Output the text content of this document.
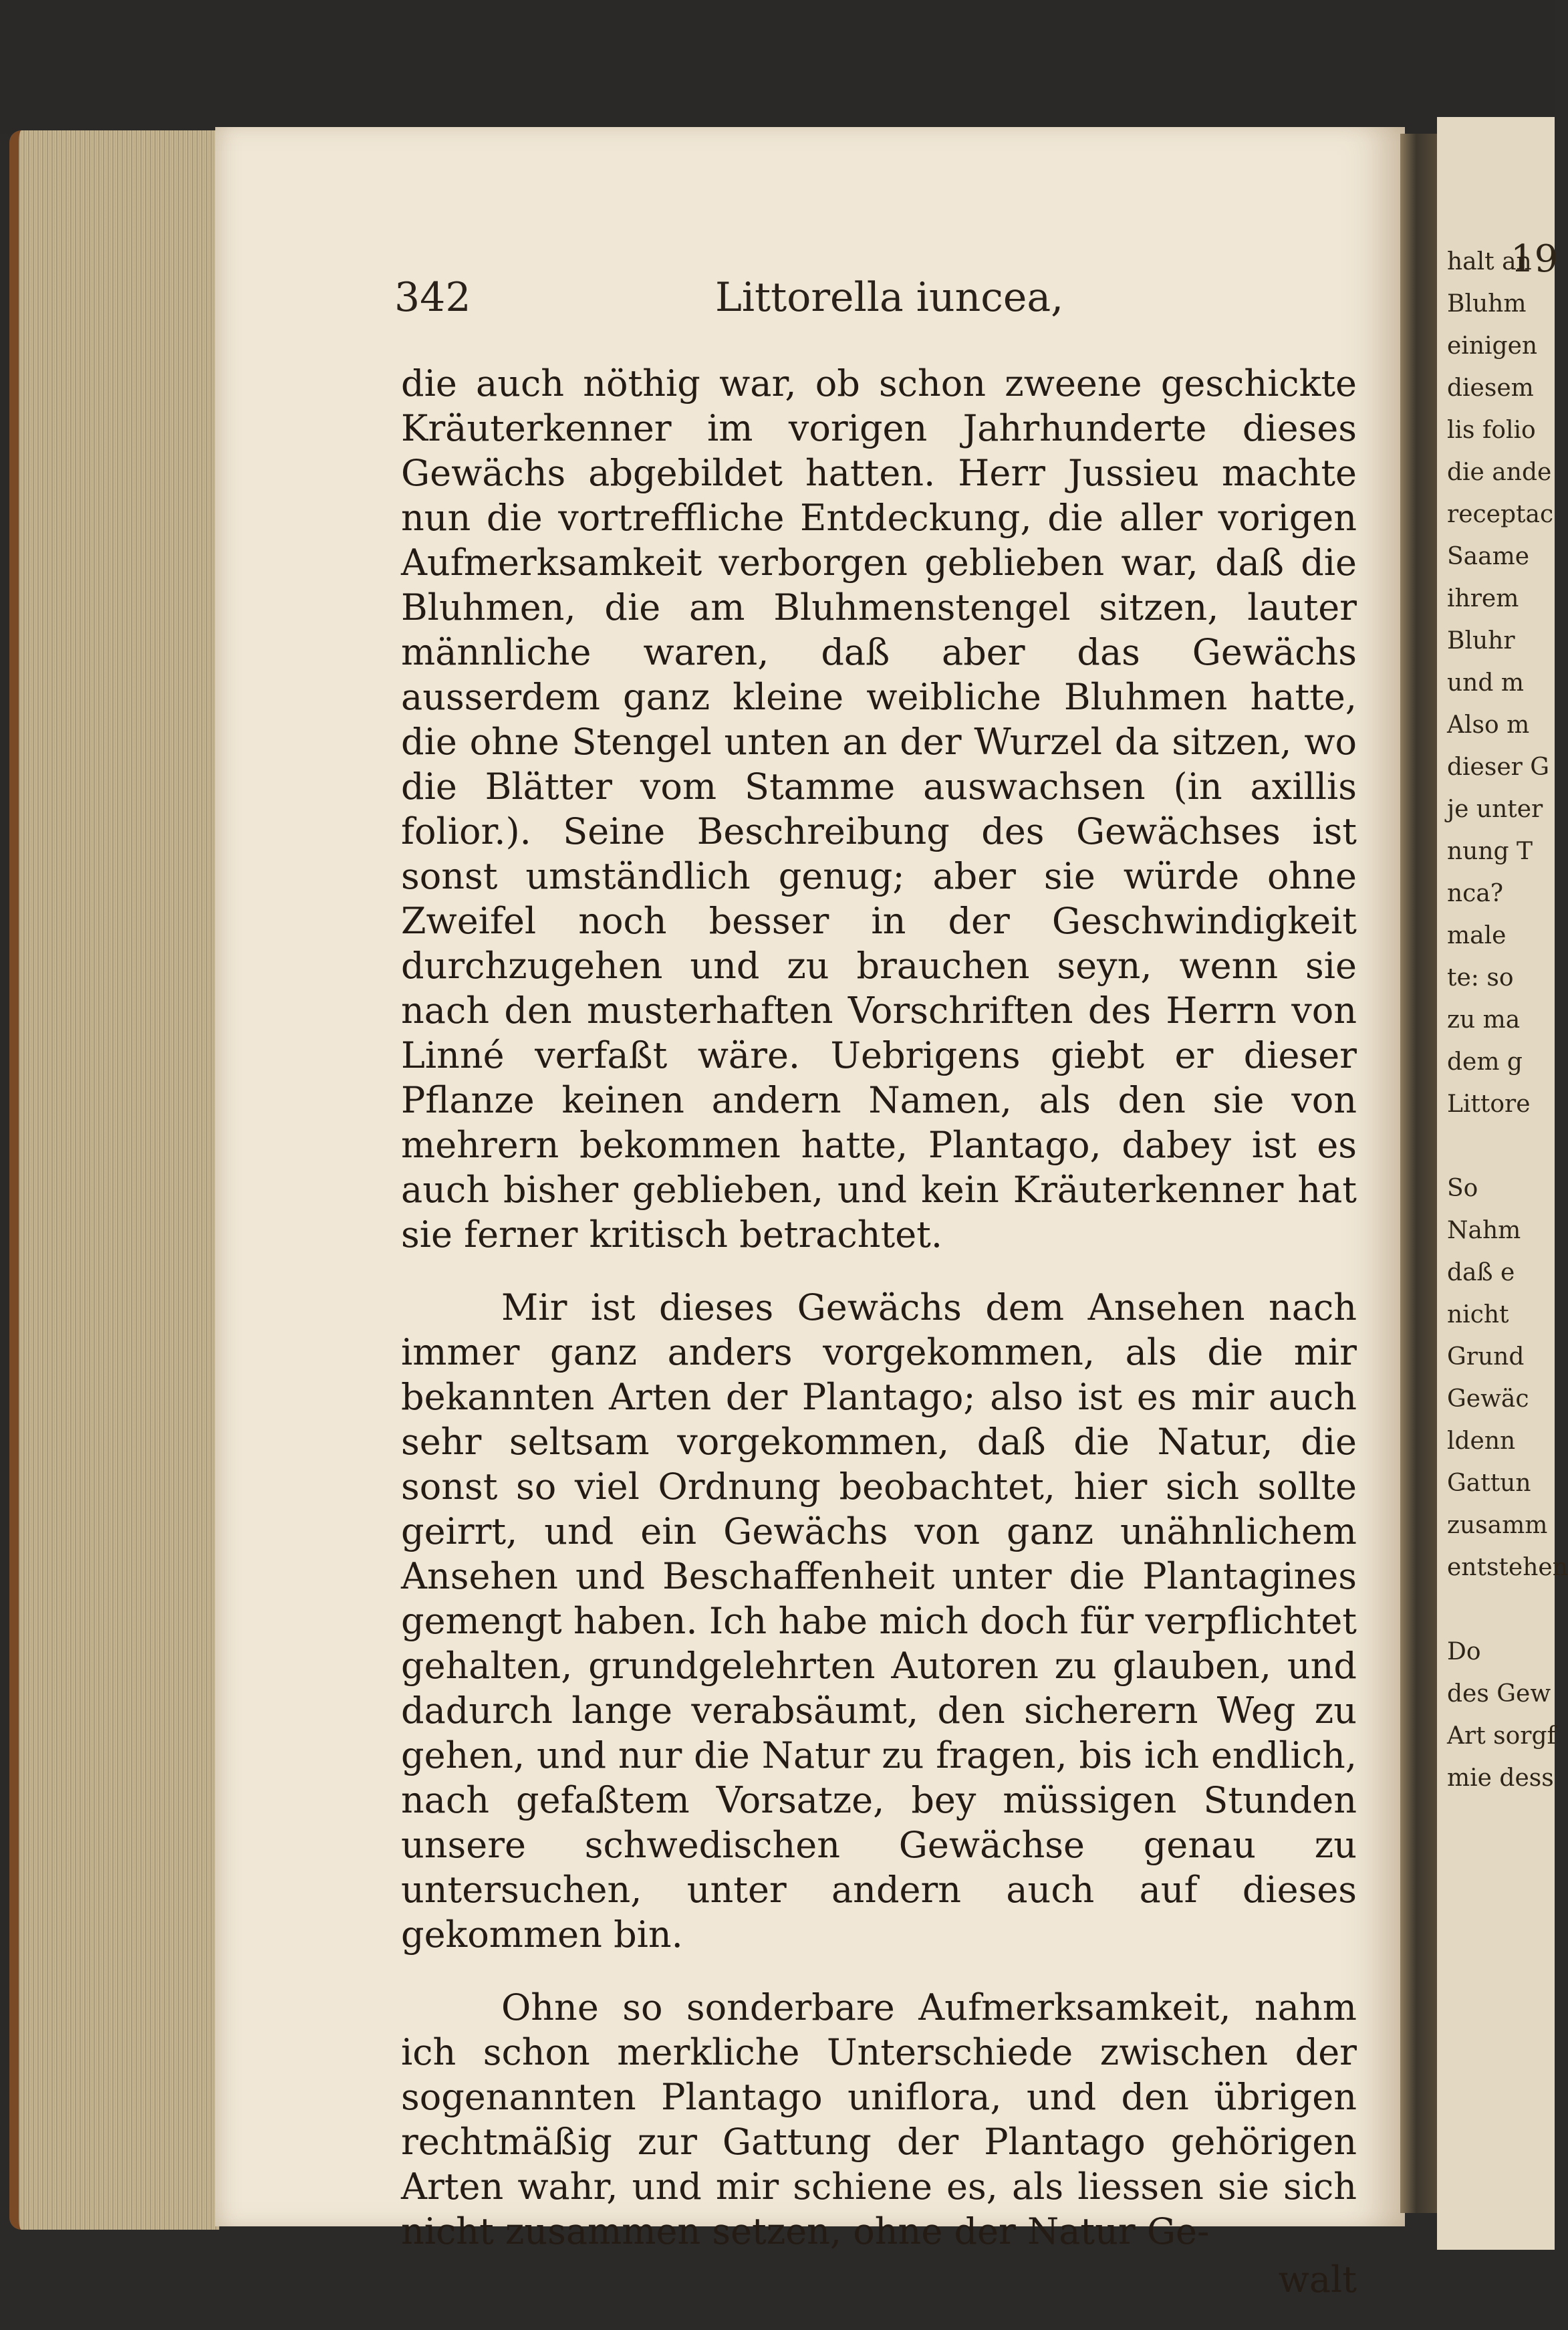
342	Littorella iuncea,

die auch nöthig war, ob schon zweene geschickte Kräuterkenner im vorigen Jahrhunderte dieses Gewächs abgebildet hatten. Herr Jussieu machte nun die vortreffliche Entdeckung, die aller vorigen Aufmerksamkeit verborgen geblieben war, daß die Bluhmen, die am Bluhmenstengel sitzen, lauter männliche waren, daß aber das Gewächs ausserdem ganz kleine weibliche Bluhmen hatte, die ohne Stengel unten an der Wurzel da sitzen, wo die Blätter vom Stamme auswachsen (in axillis folior.). Seine Beschreibung des Gewächses ist sonst umständlich genug; aber sie würde ohne Zweifel noch besser in der Geschwindigkeit durchzugehen und zu brauchen seyn, wenn sie nach den musterhaften Vorschriften des Herrn von Linné verfaßt wäre. Uebrigens giebt er dieser Pflanze keinen andern Namen, als den sie von mehrern bekommen hatte, Plantago, dabey ist es auch bisher geblieben, und kein Kräuterkenner hat sie ferner kritisch betrachtet.

Mir ist dieses Gewächs dem Ansehen nach immer ganz anders vorgekommen, als die mir bekannten Arten der Plantago; also ist es mir auch sehr seltsam vorgekommen, daß die Natur, die sonst so viel Ordnung beobachtet, hier sich sollte geirrt, und ein Gewächs von ganz unähnlichem Ansehen und Beschaffenheit unter die Plantagines gemengt haben. Ich habe mich doch für verpflichtet gehalten, grundgelehrten Autoren zu glauben, und dadurch lange verabsäumt, den sicherern Weg zu gehen, und nur die Natur zu fragen, bis ich endlich, nach gefaßtem Vorsatze, bey müssigen Stunden unsere schwedischen Gewächse genau zu untersuchen, unter andern auch auf dieses gekommen bin.

Ohne so sonderbare Aufmerksamkeit, nahm ich schon merkliche Unterschiede zwischen der sogenannten Plantago uniflora, und den übrigen rechtmäßig zur Gattung der Plantago gehörigen Arten wahr, und mir schiene es, als liessen sie sich nicht zusammen setzen, ohne der Natur Ge-

walt

19
halt an
Bluhm
einigen
diesem
lis folio
die ande
receptac
Saame
ihrem
Bluhr
und m
Also m
dieser G
je unter
nung T
nca?
male
te: so
zu ma
dem g
Littore
So
Nahm
daß e
nicht
Grund
Gewäc
ldenn
Gattun
zusamm
entstehen
Do
des Gew
Art sorgf
mie dess
